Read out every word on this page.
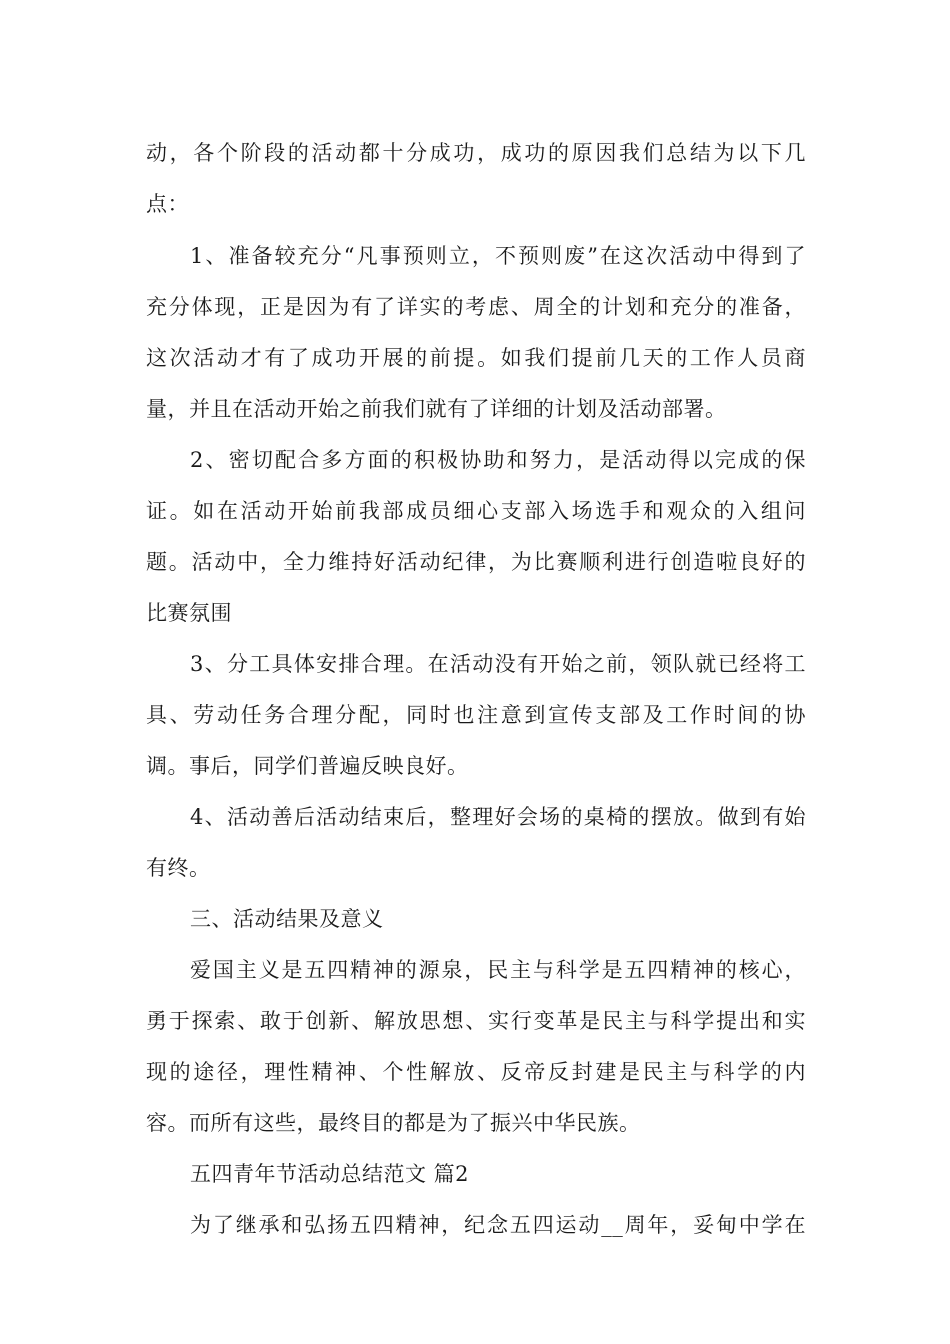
动，各个阶段的活动都十分成功，成功的原因我们总结为以下几
点：
1、准备较充分“凡事预则立，不预则废”在这次活动中得到了
充分体现，正是因为有了详实的考虑、周全的计划和充分的准备，
这次活动才有了成功开展的前提。如我们提前几天的工作人员商
量，并且在活动开始之前我们就有了详细的计划及活动部署。
2、密切配合多方面的积极协助和努力，是活动得以完成的保
证。如在活动开始前我部成员细心支部入场选手和观众的入组问
题。活动中，全力维持好活动纪律，为比赛顺利进行创造啦良好的
比赛氛围
3、分工具体安排合理。在活动没有开始之前，领队就已经将工
具、劳动任务合理分配，同时也注意到宣传支部及工作时间的协
调。事后，同学们普遍反映良好。
4、活动善后活动结束后，整理好会场的桌椅的摆放。做到有始
有终。
三、活动结果及意义
爱国主义是五四精神的源泉，民主与科学是五四精神的核心，
勇于探索、敢于创新、解放思想、实行变革是民主与科学提出和实
现的途径，理性精神、个性解放、反帝反封建是民主与科学的内
容。而所有这些，最终目的都是为了振兴中华民族。
五四青年节活动总结范文 篇2
为了继承和弘扬五四精神，纪念五四运动__周年，妥甸中学在
